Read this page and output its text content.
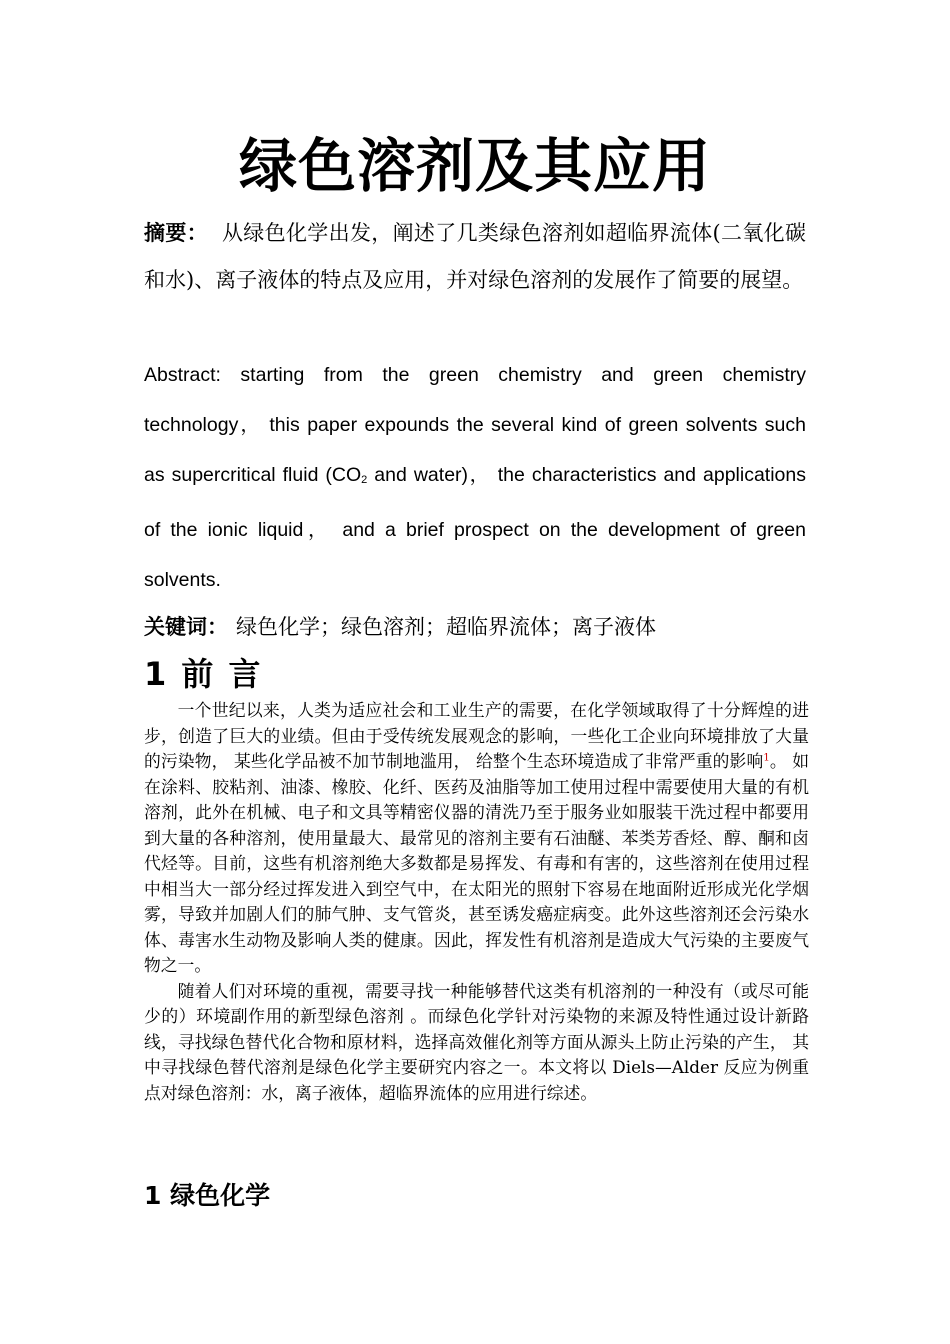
绿色溶剂及其应用
摘要： 从绿色化学出发，阐述了几类绿色溶剂如超临界流体(二氧化碳和水)、离子液体的特点及应用，并对绿色溶剂的发展作了简要的展望。
Abstract: starting from the green chemistry and green chemistry technology， this paper expounds the several kind of green solvents such as supercritical fluid ($CO_2$ and water)， the characteristics and applications of the ionic liquid， and a brief prospect on the development of green solvents.
关键词： 绿色化学；绿色溶剂；超临界流体；离子液体
1 前 言

一个世纪以来，人类为适应社会和工业生产的需要，在化学领域取得了十分辉煌的进步，创造了巨大的业绩。但由于受传统发展观念的影响，一些化工企业向环境排放了大量的污染物， 某些化学品被不加节制地滥用， 给整个生态环境造成了非常严重的影响$^1$。 如在涂料、胶粘剂、油漆、橡胶、化纤、医药及油脂等加工使用过程中需要使用大量的有机溶剂，此外在机械、电子和文具等精密仪器的清洗乃至于服务业如服装干洗过程中都要用到大量的各种溶剂，使用量最大、最常见的溶剂主要有石油醚、苯类芳香烃、醇、酮和卤代烃等。目前，这些有机溶剂绝大多数都是易挥发、有毒和有害的，这些溶剂在使用过程中相当大一部分经过挥发进入到空气中，在太阳光的照射下容易在地面附近形成光化学烟雾，导致并加剧人们的肺气肿、支气管炎，甚至诱发癌症病变。此外这些溶剂还会污染水体、毒害水生动物及影响人类的健康。因此，挥发性有机溶剂是造成大气污染的主要废气物之一。

随着人们对环境的重视，需要寻找一种能够替代这类有机溶剂的一种没有（或尽可能少的）环境副作用的新型绿色溶剂 。而绿色化学针对污染物的来源及特性通过设计新路线，寻找绿色替代化合物和原材料，选择高效催化剂等方面从源头上防止污染的产生， 其中寻找绿色替代溶剂是绿色化学主要研究内容之一。本文将以 Diels—Alder 反应为例重点对绿色溶剂：水，离子液体，超临界流体的应用进行综述。

1 绿色化学
